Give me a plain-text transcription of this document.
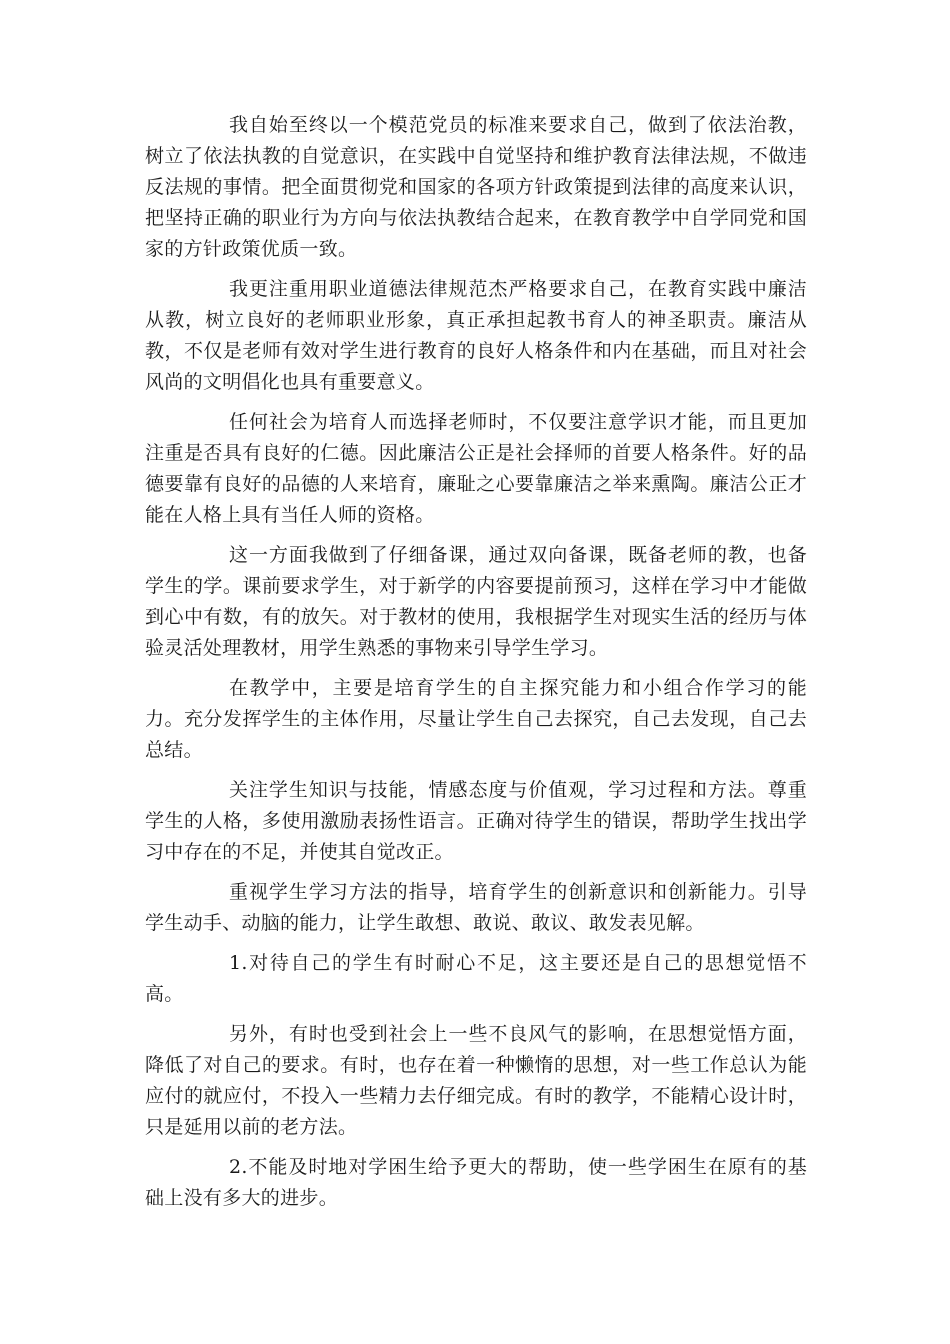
我自始至终以一个模范党员的标准来要求自己，做到了依法治教，树立了依法执教的自觉意识，在实践中自觉坚持和维护教育法律法规，不做违反法规的事情。把全面贯彻党和国家的各项方针政策提到法律的高度来认识，把坚持正确的职业行为方向与依法执教结合起来，在教育教学中自学同党和国家的方针政策优质一致。

我更注重用职业道德法律规范杰严格要求自己，在教育实践中廉洁从教，树立良好的老师职业形象，真正承担起教书育人的神圣职责。廉洁从教，不仅是老师有效对学生进行教育的良好人格条件和内在基础，而且对社会风尚的文明倡化也具有重要意义。

任何社会为培育人而选择老师时，不仅要注意学识才能，而且更加注重是否具有良好的仁德。因此廉洁公正是社会择师的首要人格条件。好的品德要靠有良好的品德的人来培育，廉耻之心要靠廉洁之举来熏陶。廉洁公正才能在人格上具有当任人师的资格。

这一方面我做到了仔细备课，通过双向备课，既备老师的教，也备学生的学。课前要求学生，对于新学的内容要提前预习，这样在学习中才能做到心中有数，有的放矢。对于教材的使用，我根据学生对现实生活的经历与体验灵活处理教材，用学生熟悉的事物来引导学生学习。

在教学中，主要是培育学生的自主探究能力和小组合作学习的能力。充分发挥学生的主体作用，尽量让学生自己去探究，自己去发现，自己去总结。

关注学生知识与技能，情感态度与价值观，学习过程和方法。尊重学生的人格，多使用激励表扬性语言。正确对待学生的错误，帮助学生找出学习中存在的不足，并使其自觉改正。

重视学生学习方法的指导，培育学生的创新意识和创新能力。引导学生动手、动脑的能力，让学生敢想、敢说、敢议、敢发表见解。

1.对待自己的学生有时耐心不足，这主要还是自己的思想觉悟不高。

另外，有时也受到社会上一些不良风气的影响，在思想觉悟方面，降低了对自己的要求。有时，也存在着一种懒惰的思想，对一些工作总认为能应付的就应付，不投入一些精力去仔细完成。有时的教学，不能精心设计时，只是延用以前的老方法。

2.不能及时地对学困生给予更大的帮助，使一些学困生在原有的基础上没有多大的进步。
